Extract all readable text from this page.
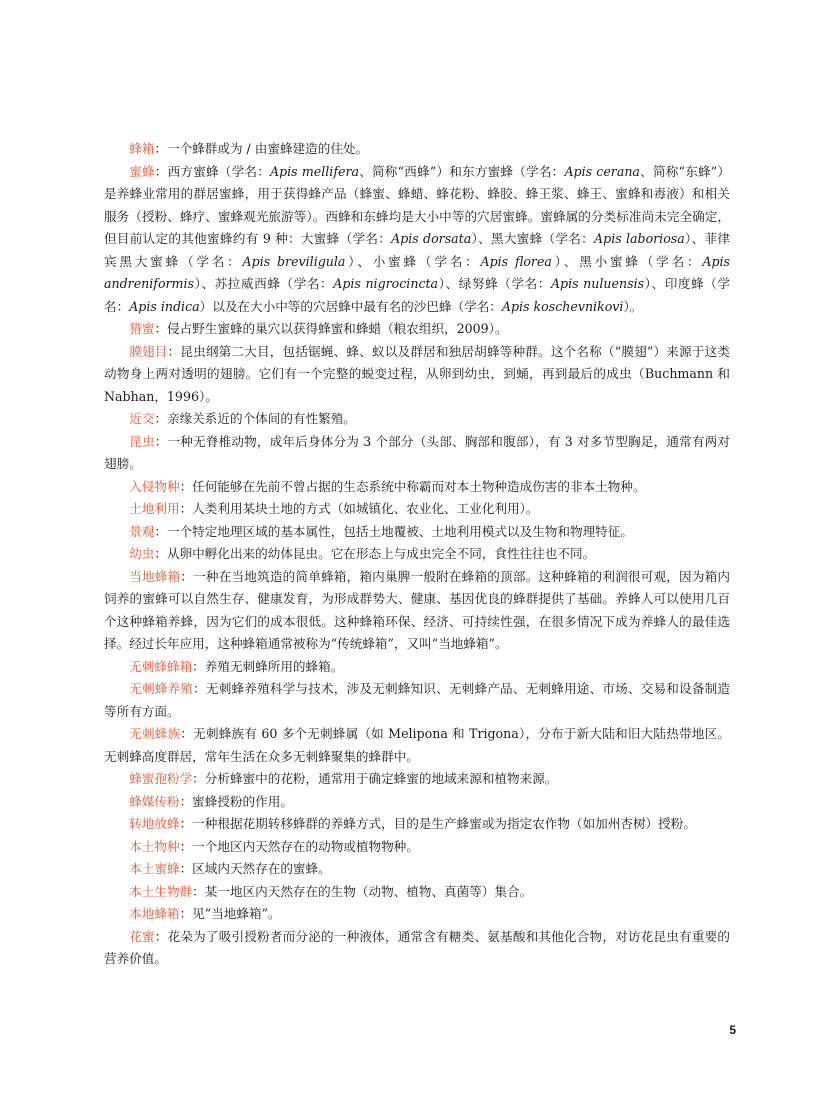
蜂箱：一个蜂群或为 / 由蜜蜂建造的住处。

蜜蜂：西方蜜蜂（学名：Apis mellifera、简称“西蜂”）和东方蜜蜂（学名：Apis cerana、简称“东蜂”）是养蜂业常用的群居蜜蜂，用于获得蜂产品（蜂蜜、蜂蜡、蜂花粉、蜂胶、蜂王浆、蜂王、蜜蜂和毒液）和相关服务（授粉、蜂疗、蜜蜂观光旅游等）。西蜂和东蜂均是大小中等的穴居蜜蜂。蜜蜂属的分类标准尚未完全确定，但目前认定的其他蜜蜂约有 9 种：大蜜蜂（学名：Apis dorsata）、黑大蜜蜂（学名：Apis laboriosa）、菲律宾黑大蜜蜂（学名：Apis breviligula）、小蜜蜂（学名：Apis florea）、黑小蜜蜂（学名：Apis andreniformis）、苏拉威西蜂（学名：Apis nigrocincta）、绿努蜂（学名：Apis nuluensis）、印度蜂（学名：Apis indica）以及在大小中等的穴居蜂中最有名的沙巴蜂（学名：Apis koschevnikovi）。

猎蜜：侵占野生蜜蜂的巢穴以获得蜂蜜和蜂蜡（粮农组织，2009）。

膜翅目：昆虫纲第二大目，包括锯蝇、蜂、蚁以及群居和独居胡蜂等种群。这个名称（“膜翅”）来源于这类动物身上两对透明的翅膀。它们有一个完整的蜕变过程，从卵到幼虫，到蛹，再到最后的成虫（Buchmann 和 Nabhan，1996）。

近交：亲缘关系近的个体间的有性繁殖。

昆虫：一种无脊椎动物，成年后身体分为 3 个部分（头部、胸部和腹部），有 3 对多节型胸足，通常有两对翅膀。

入侵物种：任何能够在先前不曾占据的生态系统中称霸而对本土物种造成伤害的非本土物种。

土地利用：人类利用某块土地的方式（如城镇化、农业化、工业化利用）。

景观：一个特定地理区域的基本属性，包括土地覆被、土地利用模式以及生物和物理特征。

幼虫：从卵中孵化出来的幼体昆虫。它在形态上与成虫完全不同，食性往往也不同。

当地蜂箱：一种在当地筑造的简单蜂箱，箱内巢脾一般附在蜂箱的顶部。这种蜂箱的利润很可观，因为箱内饲养的蜜蜂可以自然生存、健康发育，为形成群势大、健康、基因优良的蜂群提供了基础。养蜂人可以使用几百个这种蜂箱养蜂，因为它们的成本很低。这种蜂箱环保、经济、可持续性强，在很多情况下成为养蜂人的最佳选择。经过长年应用，这种蜂箱通常被称为“传统蜂箱”，又叫“当地蜂箱”。

无刺蜂蜂箱：养殖无刺蜂所用的蜂箱。

无刺蜂养殖：无刺蜂养殖科学与技术，涉及无刺蜂知识、无刺蜂产品、无刺蜂用途、市场、交易和设备制造等所有方面。

无刺蜂族：无刺蜂族有 60 多个无刺蜂属（如 Melipona 和 Trigona），分布于新大陆和旧大陆热带地区。无刺蜂高度群居，常年生活在众多无刺蜂聚集的蜂群中。

蜂蜜孢粉学：分析蜂蜜中的花粉，通常用于确定蜂蜜的地域来源和植物来源。

蜂媒传粉：蜜蜂授粉的作用。

转地放蜂：一种根据花期转移蜂群的养蜂方式，目的是生产蜂蜜或为指定农作物（如加州杏树）授粉。

本土物种：一个地区内天然存在的动物或植物物种。

本土蜜蜂：区域内天然存在的蜜蜂。

本土生物群：某一地区内天然存在的生物（动物、植物、真菌等）集合。

本地蜂箱：见“当地蜂箱”。

花蜜：花朵为了吸引授粉者而分泌的一种液体，通常含有糖类、氨基酸和其他化合物，对访花昆虫有重要的营养价值。

5
